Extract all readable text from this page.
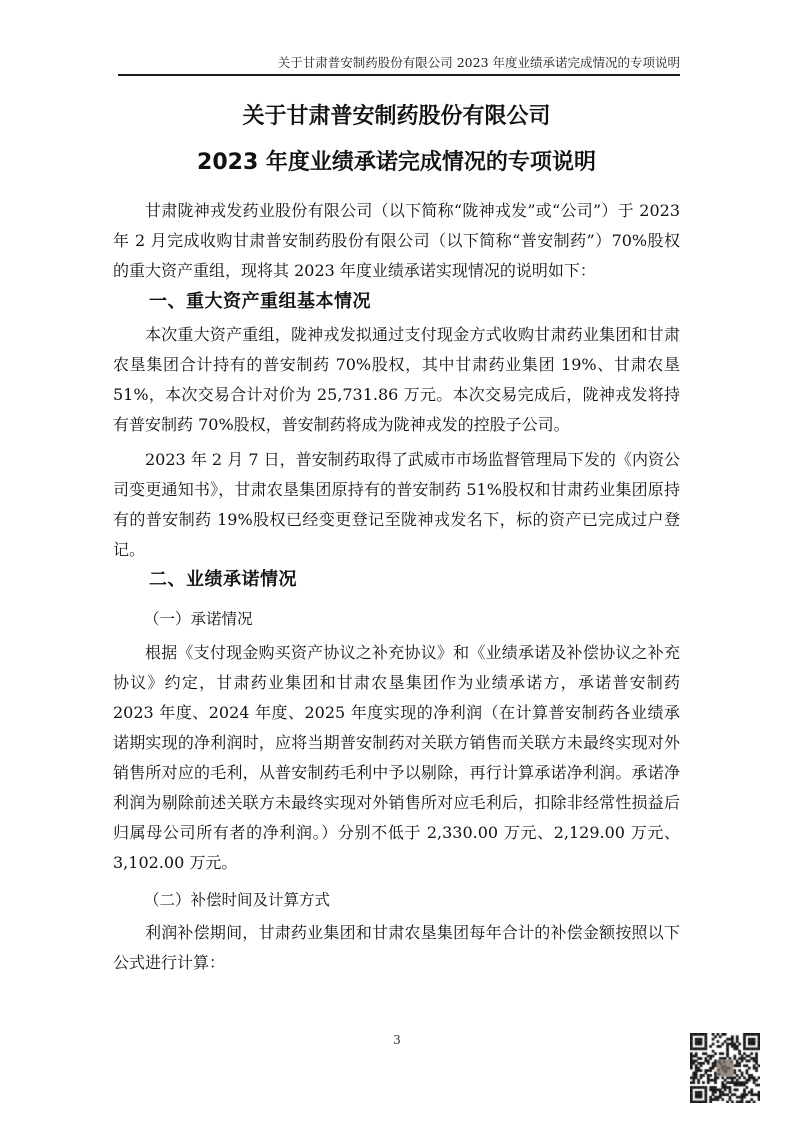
关于甘肃普安制药股份有限公司 2023 年度业绩承诺完成情况的专项说明
关于甘肃普安制药股份有限公司
2023 年度业绩承诺完成情况的专项说明

甘肃陇神戎发药业股份有限公司（以下简称“陇神戎发”或“公司”）于 2023 年 2 月完成收购甘肃普安制药股份有限公司（以下简称“普安制药”）70%股权的重大资产重组，现将其 2023 年度业绩承诺实现情况的说明如下：

一、重大资产重组基本情况

本次重大资产重组，陇神戎发拟通过支付现金方式收购甘肃药业集团和甘肃农垦集团合计持有的普安制药 70%股权，其中甘肃药业集团 19%、甘肃农垦 51%，本次交易合计对价为 25,731.86 万元。本次交易完成后，陇神戎发将持有普安制药 70%股权，普安制药将成为陇神戎发的控股子公司。

2023 年 2 月 7 日，普安制药取得了武威市市场监督管理局下发的《内资公司变更通知书》，甘肃农垦集团原持有的普安制药 51%股权和甘肃药业集团原持有的普安制药 19%股权已经变更登记至陇神戎发名下，标的资产已完成过户登记。

二、业绩承诺情况
（一）承诺情况

根据《支付现金购买资产协议之补充协议》和《业绩承诺及补偿协议之补充协议》约定，甘肃药业集团和甘肃农垦集团作为业绩承诺方，承诺普安制药 2023 年度、2024 年度、2025 年度实现的净利润（在计算普安制药各业绩承诺期实现的净利润时，应将当期普安制药对关联方销售而关联方未最终实现对外销售所对应的毛利，从普安制药毛利中予以剔除，再行计算承诺净利润。承诺净利润为剔除前述关联方未最终实现对外销售所对应毛利后，扣除非经常性损益后归属母公司所有者的净利润。）分别不低于 2,330.00 万元、2,129.00 万元、3,102.00 万元。

（二）补偿时间及计算方式

利润补偿期间，甘肃药业集团和甘肃农垦集团每年合计的补偿金额按照以下公式进行计算：

3
